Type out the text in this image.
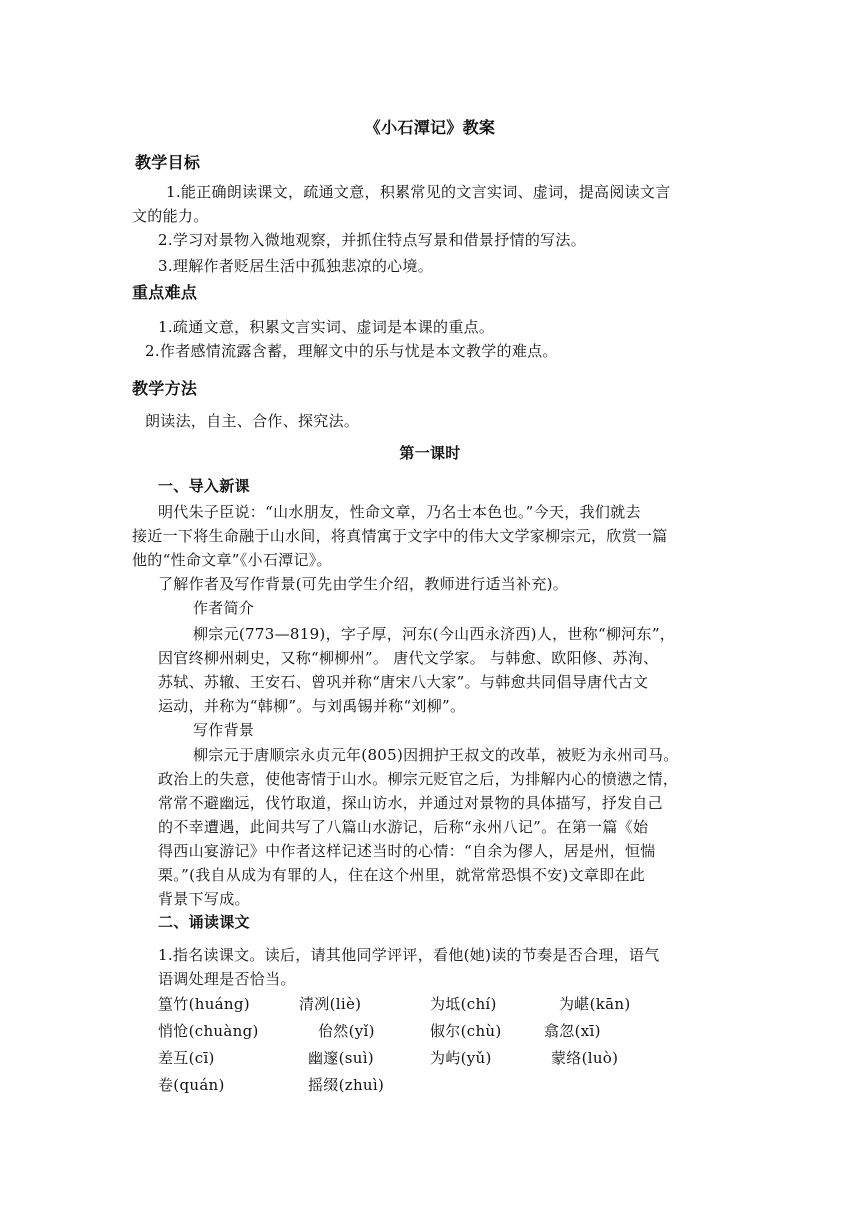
《小石潭记》教案
教学目标
1.能正确朗读课文，疏通文意，积累常见的文言实词、虚词，提高阅读文言
文的能力。
2.学习对景物入微地观察，并抓住特点写景和借景抒情的写法。
3.理解作者贬居生活中孤独悲凉的心境。
重点难点
1.疏通文意，积累文言实词、虚词是本课的重点。
2.作者感情流露含蓄，理解文中的乐与忧是本文教学的难点。
教学方法
朗读法，自主、合作、探究法。
第一课时
一、导入新课
明代朱子臣说：“山水朋友，性命文章，乃名士本色也。”今天，我们就去
接近一下将生命融于山水间，将真情寓于文字中的伟大文学家柳宗元，欣赏一篇
他的“性命文章”《小石潭记》。
了解作者及写作背景(可先由学生介绍，教师进行适当补充)。
作者简介
柳宗元(773—819)，字子厚，河东(今山西永济西)人，世称“柳河东”，
因官终柳州刺史，又称“柳柳州”。 唐代文学家。 与韩愈、欧阳修、苏洵、
苏轼、苏辙、王安石、曾巩并称“唐宋八大家”。与韩愈共同倡导唐代古文
运动，并称为“韩柳”。与刘禹锡并称“刘柳”。
写作背景
柳宗元于唐顺宗永贞元年(805)因拥护王叔文的改革，被贬为永州司马。
政治上的失意，使他寄情于山水。柳宗元贬官之后，为排解内心的愤懑之情，
常常不避幽远，伐竹取道，探山访水，并通过对景物的具体描写，抒发自己
的不幸遭遇，此间共写了八篇山水游记，后称“永州八记”。在第一篇《始
得西山宴游记》中作者这样记述当时的心情：“自余为僇人，居是州，恒惴
栗。”(我自从成为有罪的人，住在这个州里，就常常恐惧不安)文章即在此
背景下写成。
二、诵读课文
1.指名读课文。读后，请其他同学评评，看他(她)读的节奏是否合理，语气
语调处理是否恰当。
篁竹(huáng)	清冽(liè)	为坻(chí)	为嵁(kān)
悄怆(chuàng)	佁然(yǐ)	俶尔(chù)	翕忽(xī)
差互(cī)	幽邃(suì)	为屿(yǔ)	蒙络(luò)
卷(quán)	摇缀(zhuì)
